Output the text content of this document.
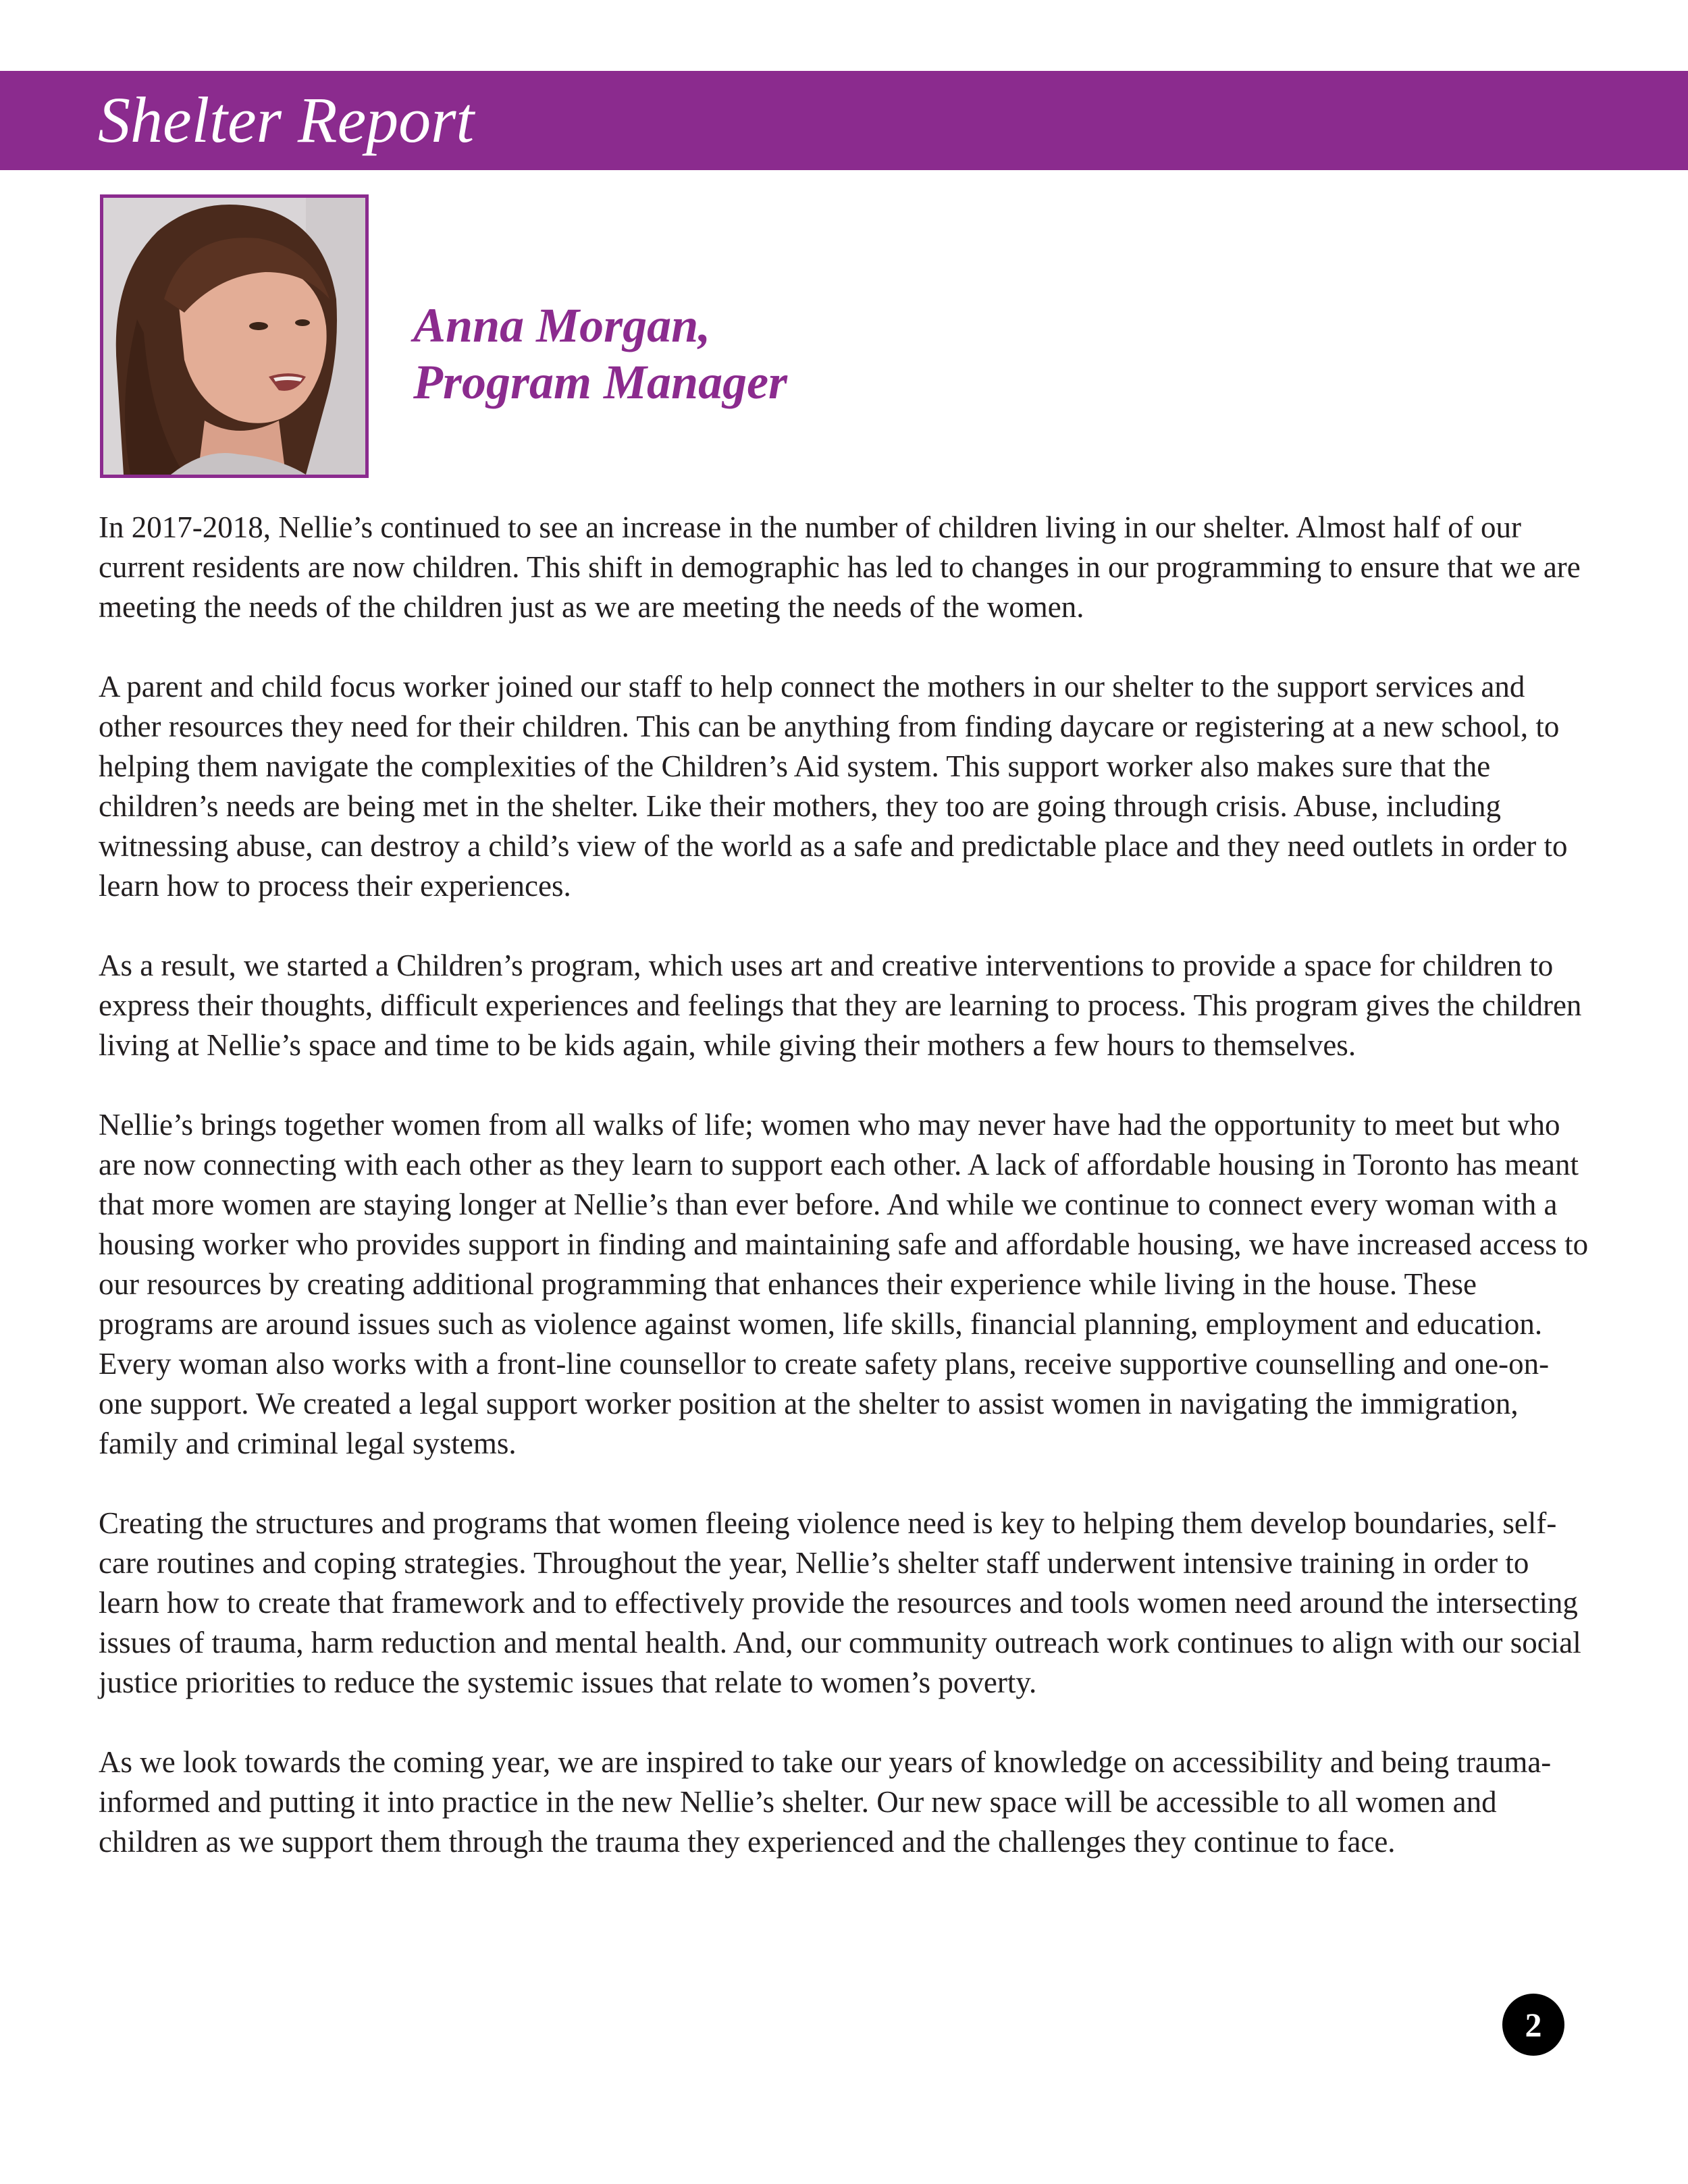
Shelter Report
Anna Morgan,
Program Manager

In 2017-2018, Nellie’s continued to see an increase in the number of children living in our shelter. Almost half of our current residents are now children. This shift in demographic has led to changes in our programming to ensure that we are meeting the needs of the children just as we are meeting the needs of the women.

A parent and child focus worker joined our staff to help connect the mothers in our shelter to the support services and other resources they need for their children. This can be anything from finding daycare or registering at a new school, to helping them navigate the complexities of the Children’s Aid system. This support worker also makes sure that the children’s needs are being met in the shelter. Like their mothers, they too are going through crisis. Abuse, including witnessing abuse, can destroy a child’s view of the world as a safe and predictable place and they need outlets in order to learn how to process their experiences.

As a result, we started a Children’s program, which uses art and creative interventions to provide a space for children to express their thoughts, difficult experiences and feelings that they are learning to process. This program gives the children living at Nellie’s space and time to be kids again, while giving their mothers a few hours to themselves.

Nellie’s brings together women from all walks of life; women who may never have had the opportunity to meet but who are now connecting with each other as they learn to support each other. A lack of affordable housing in Toronto has meant that more women are staying longer at Nellie’s than ever before. And while we continue to connect every woman with a housing worker who provides support in finding and maintaining safe and affordable housing, we have increased access to our resources by creating additional programming that enhances their experience while living in the house. These programs are around issues such as violence against women, life skills, financial planning, employment and education. Every woman also works with a front-line counsellor to create safety plans, receive supportive counselling and one-on-one support. We created a legal support worker position at the shelter to assist women in navigating the immigration, family and criminal legal systems.

Creating the structures and programs that women fleeing violence need is key to helping them develop boundaries, self-care routines and coping strategies. Throughout the year, Nellie’s shelter staff underwent intensive training in order to learn how to create that framework and to effectively provide the resources and tools women need around the intersecting issues of trauma, harm reduction and mental health. And, our community outreach work continues to align with our social justice priorities to reduce the systemic issues that relate to women’s poverty.

As we look towards the coming year, we are inspired to take our years of knowledge on accessibility and being trauma-informed and putting it into practice in the new Nellie’s shelter. Our new space will be accessible to all women and children as we support them through the trauma they experienced and the challenges they continue to face.

2
